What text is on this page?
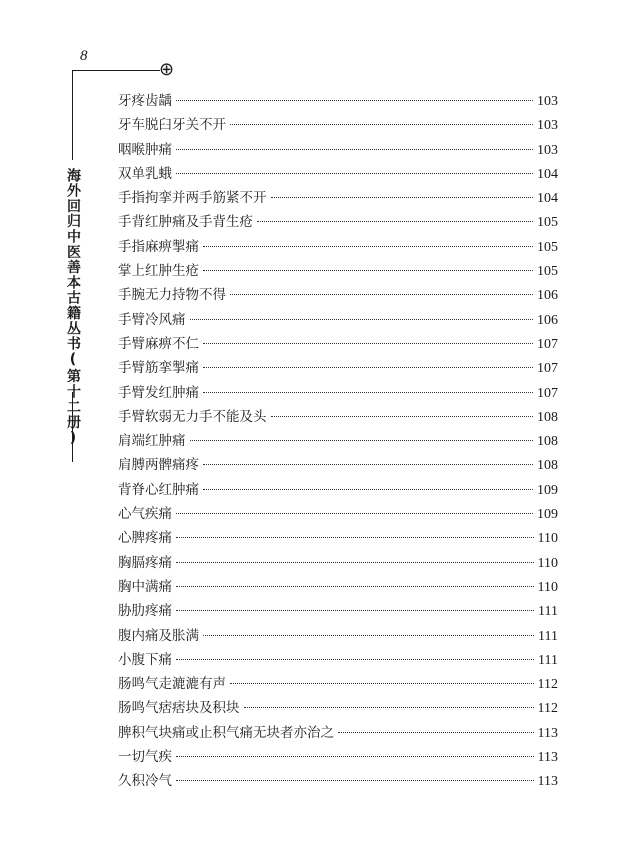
8
⊕
海外回归中医善本古籍丛书(第十二册)
牙疼齿龋	103
牙车脱臼牙关不开	103
咽喉肿痛	103
双单乳蛾	104
手指拘挛并两手筋紧不开	104
手背红肿痛及手背生疮	105
手指麻痹掣痛	105
掌上红肿生疮	105
手腕无力持物不得	106
手臂冷风痛	106
手臂麻痹不仁	107
手臂筋挛掣痛	107
手臂发红肿痛	107
手臂软弱无力手不能及头	108
肩端红肿痛	108
肩膊两髀痛疼	108
背脊心红肿痛	109
心气疾痛	109
心脾疼痛	110
胸膈疼痛	110
胸中满痛	110
胁肋疼痛	111
腹内痛及胀满	111
小腹下痛	111
肠鸣气走漉漉有声	112
肠鸣气痞痞块及积块	112
脾积气块痛或止积气痛无块者亦治之	113
一切气疾	113
久积冷气	113
